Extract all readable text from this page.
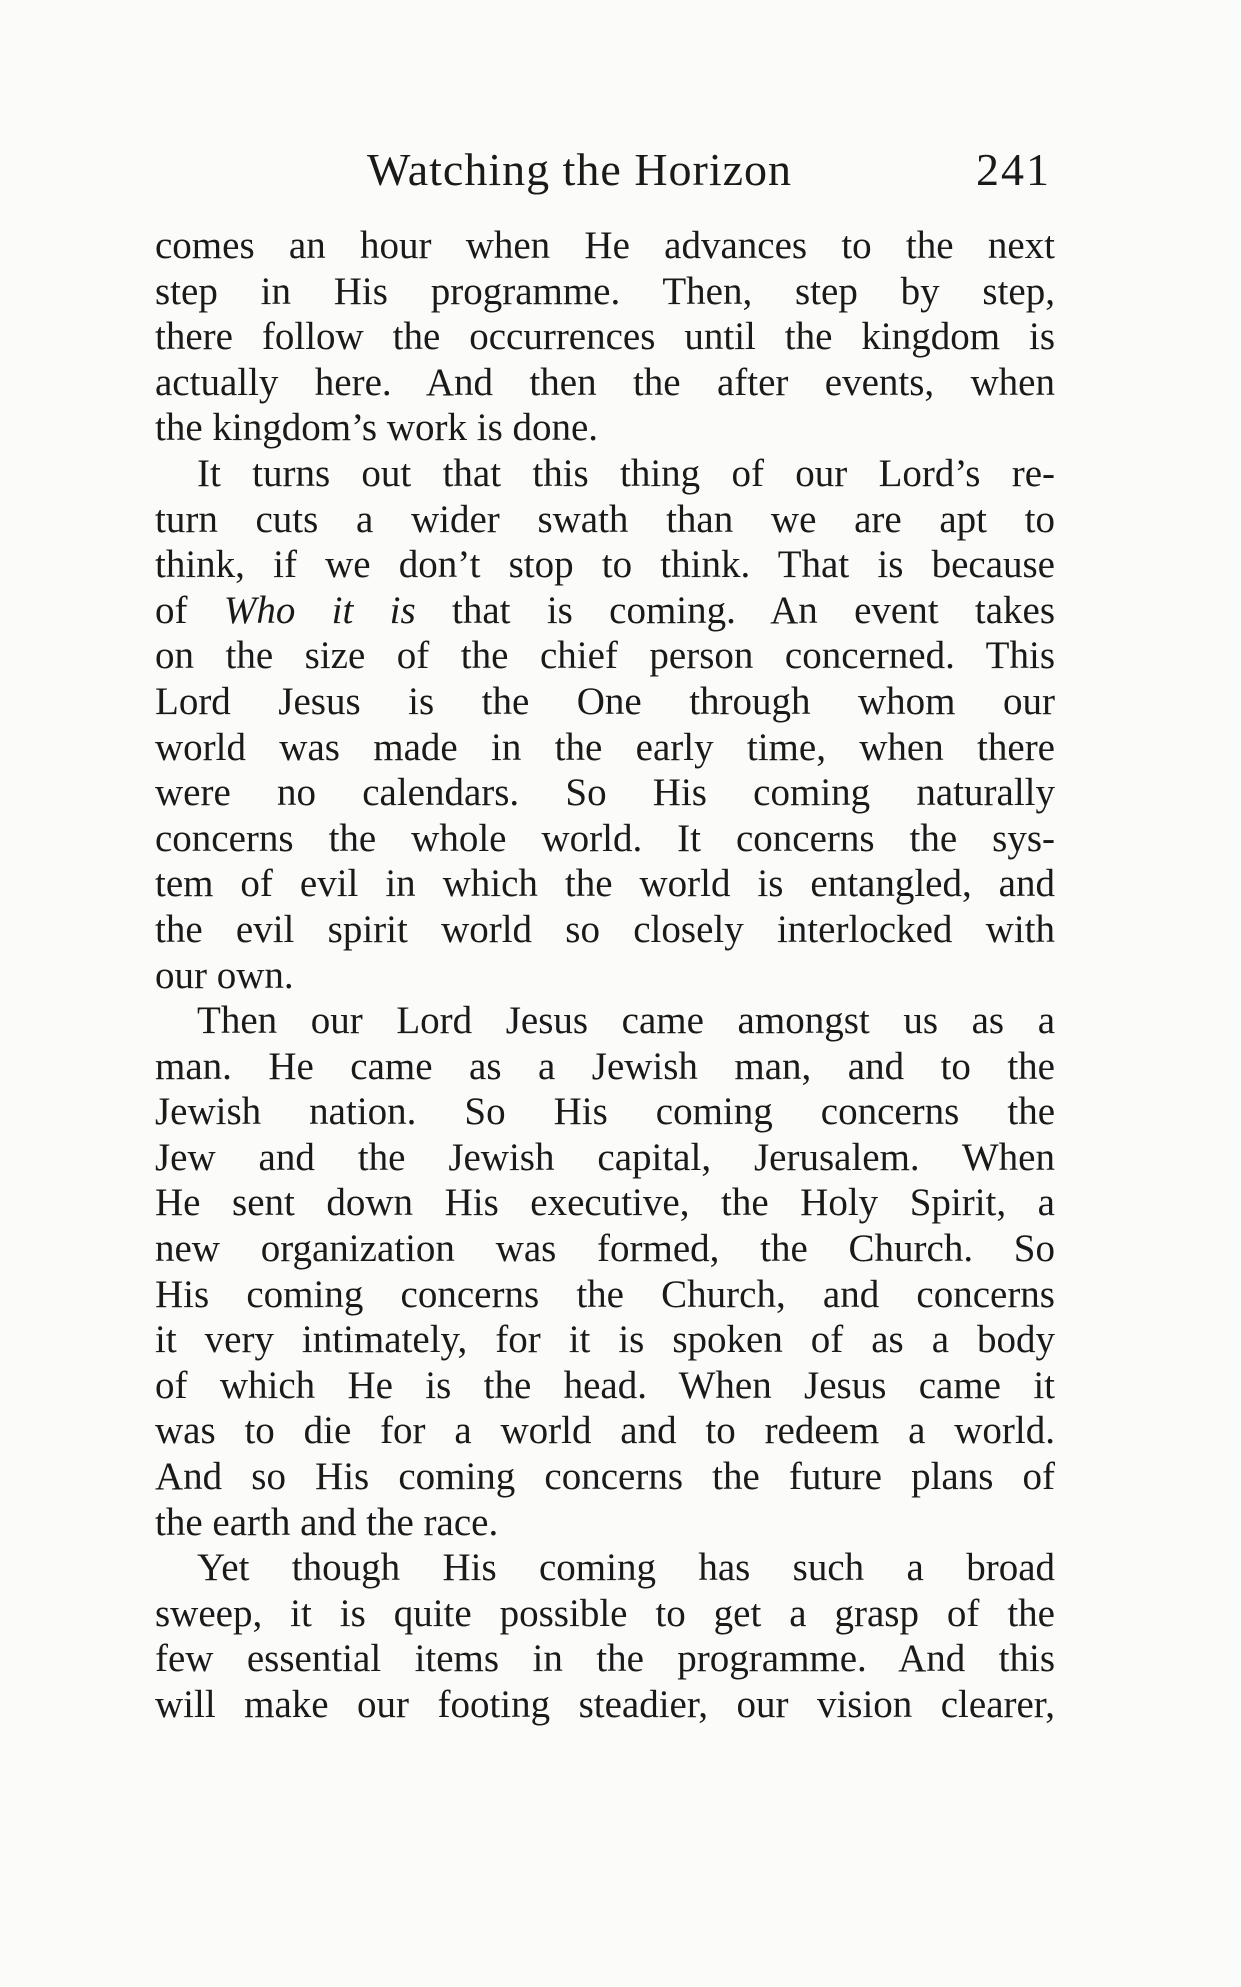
Watching the Horizon	241
comes an hour when He advances to the next
step in His programme. Then, step by step,
there follow the occurrences until the kingdom is
actually here. And then the after events, when
the kingdom’s work is done.
It turns out that this thing of our Lord’s re-
turn cuts a wider swath than we are apt to
think, if we don’t stop to think. That is because
of Who it is that is coming. An event takes
on the size of the chief person concerned. This
Lord Jesus is the One through whom our
world was made in the early time, when there
were no calendars. So His coming naturally
concerns the whole world. It concerns the sys-
tem of evil in which the world is entangled, and
the evil spirit world so closely interlocked with
our own.
Then our Lord Jesus came amongst us as a
man. He came as a Jewish man, and to the
Jewish nation. So His coming concerns the
Jew and the Jewish capital, Jerusalem. When
He sent down His executive, the Holy Spirit, a
new organization was formed, the Church. So
His coming concerns the Church, and concerns
it very intimately, for it is spoken of as a body
of which He is the head. When Jesus came it
was to die for a world and to redeem a world.
And so His coming concerns the future plans of
the earth and the race.
Yet though His coming has such a broad
sweep, it is quite possible to get a grasp of the
few essential items in the programme. And this
will make our footing steadier, our vision clearer,
